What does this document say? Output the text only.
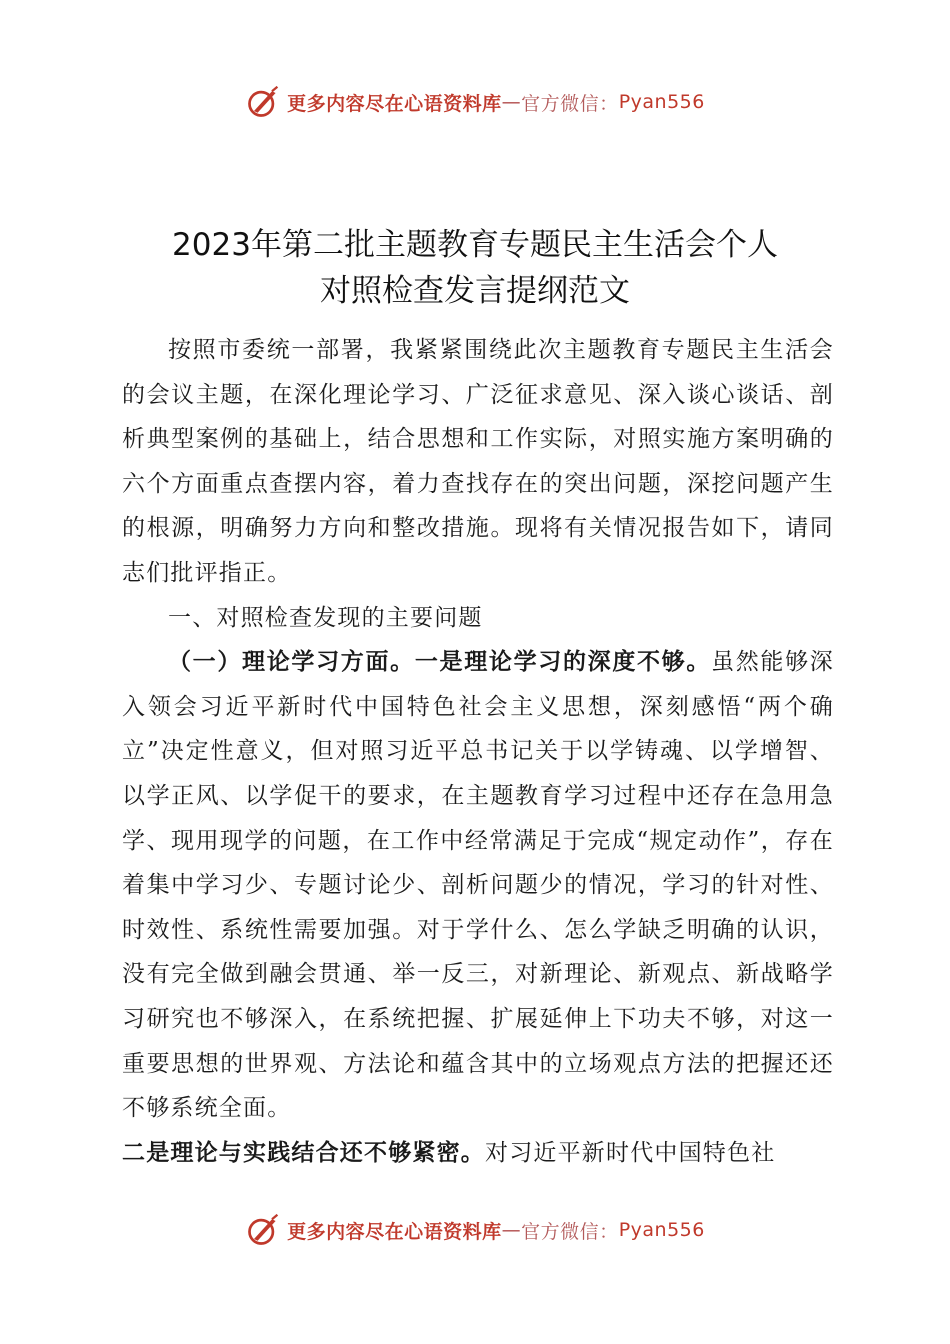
更多内容尽在心语资料库 — 官方微信： Pyan556
2023年第二批主题教育专题民主生活会个人
对照检查发言提纲范文

按照市委统一部署，我紧紧围绕此次主题教育专题民主生活会的会议主题，在深化理论学习、广泛征求意见、深入谈心谈话、剖析典型案例的基础上，结合思想和工作实际，对照实施方案明确的六个方面重点查摆内容，着力查找存在的突出问题，深挖问题产生的根源，明确努力方向和整改措施。现将有关情况报告如下，请同志们批评指正。

一、对照检查发现的主要问题

（一）理论学习方面。一是理论学习的深度不够。虽然能够深入领会习近平新时代中国特色社会主义思想，深刻感悟“两个确立”决定性意义，但对照习近平总书记关于以学铸魂、以学增智、以学正风、以学促干的要求，在主题教育学习过程中还存在急用急学、现用现学的问题，在工作中经常满足于完成“规定动作”，存在着集中学习少、专题讨论少、剖析问题少的情况，学习的针对性、时效性、系统性需要加强。对于学什么、怎么学缺乏明确的认识，没有完全做到融会贯通、举一反三，对新理论、新观点、新战略学习研究也不够深入，在系统把握、扩展延伸上下功夫不够，对这一重要思想的世界观、方法论和蕴含其中的立场观点方法的把握还还不够系统全面。

二是理论与实践结合还不够紧密。对习近平新时代中国特色社

更多内容尽在心语资料库 — 官方微信： Pyan556
